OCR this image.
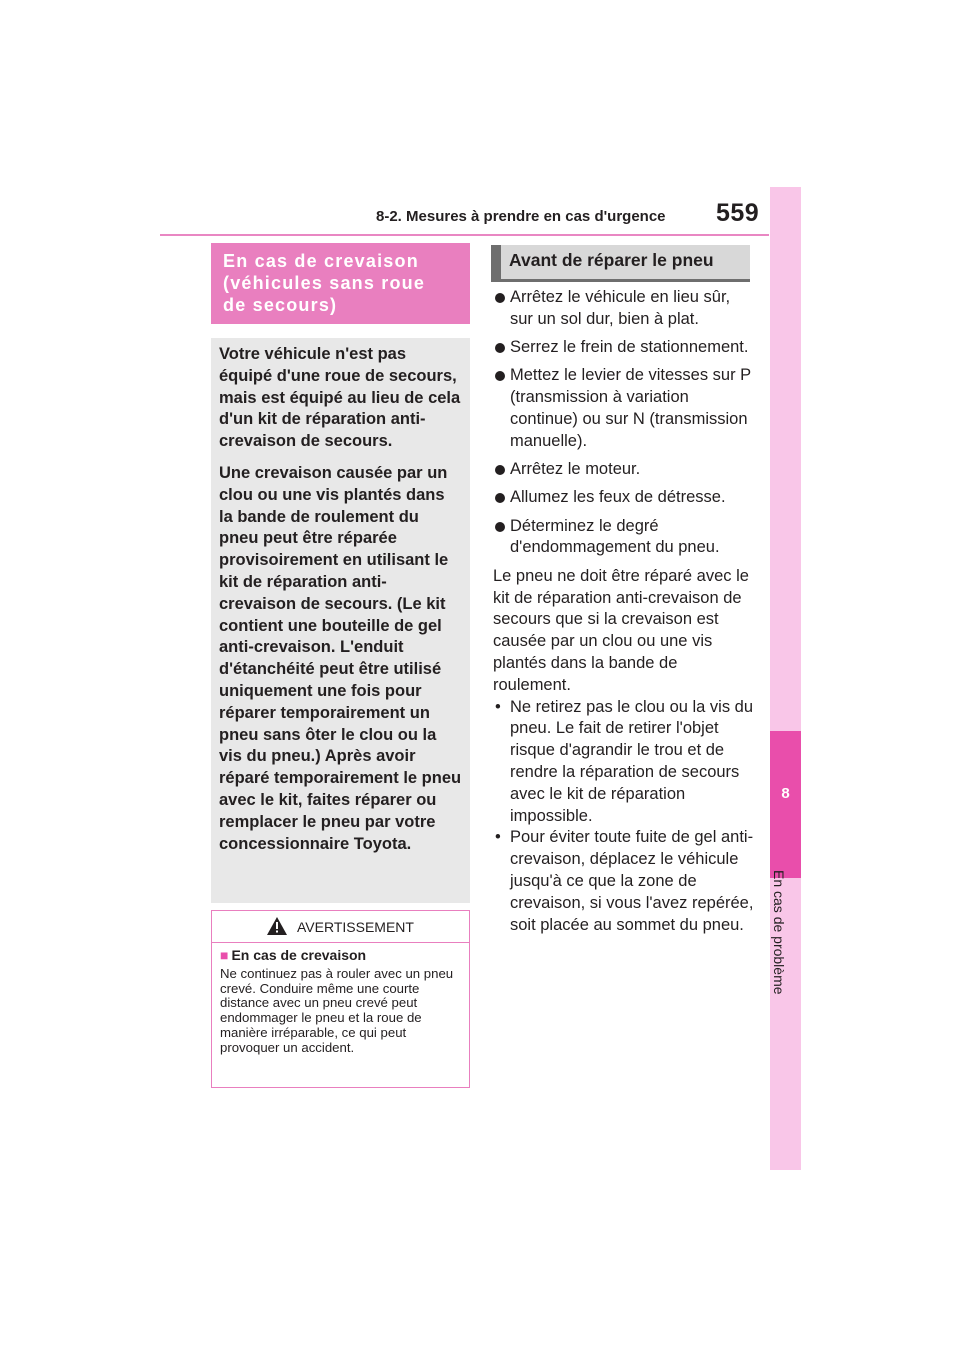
8-2. Mesures à prendre en cas d'urgence 559
8
En cas de problème
En cas de crevaison
(véhicules sans roue
de secours)

Votre véhicule n'est pas équipé d'une roue de secours, mais est équipé au lieu de cela d'un kit de réparation anti-crevaison de secours.

Une crevaison causée par un clou ou une vis plantés dans la bande de roulement du pneu peut être réparée provisoirement en utilisant le kit de réparation anti-crevaison de secours. (Le kit contient une bouteille de gel anti-crevaison. L'enduit d'étanchéité peut être utilisé uniquement une fois pour réparer temporairement un pneu sans ôter le clou ou la vis du pneu.) Après avoir réparé temporairement le pneu avec le kit, faites réparer ou remplacer le pneu par votre concessionnaire Toyota.

AVERTISSEMENT
■ En cas de crevaison

Ne continuez pas à rouler avec un pneu crevé. Conduire même une courte distance avec un pneu crevé peut endommager le pneu et la roue de manière irréparable, ce qui peut provoquer un accident.

Avant de réparer le pneu
Arrêtez le véhicule en lieu sûr, sur un sol dur, bien à plat.
Serrez le frein de stationnement.
Mettez le levier de vitesses sur P (transmission à variation continue) ou sur N (transmission manuelle).
Arrêtez le moteur.
Allumez les feux de détresse.
Déterminez le degré d'endommagement du pneu.

Le pneu ne doit être réparé avec le kit de réparation anti-crevaison de secours que si la crevaison est causée par un clou ou une vis plantés dans la bande de roulement.

• Ne retirez pas le clou ou la vis du pneu. Le fait de retirer l'objet risque d'agrandir le trou et de rendre la réparation de secours avec le kit de réparation impossible.
• Pour éviter toute fuite de gel anti-crevaison, déplacez le véhicule jusqu'à ce que la zone de crevaison, si vous l'avez repérée, soit placée au sommet du pneu.
